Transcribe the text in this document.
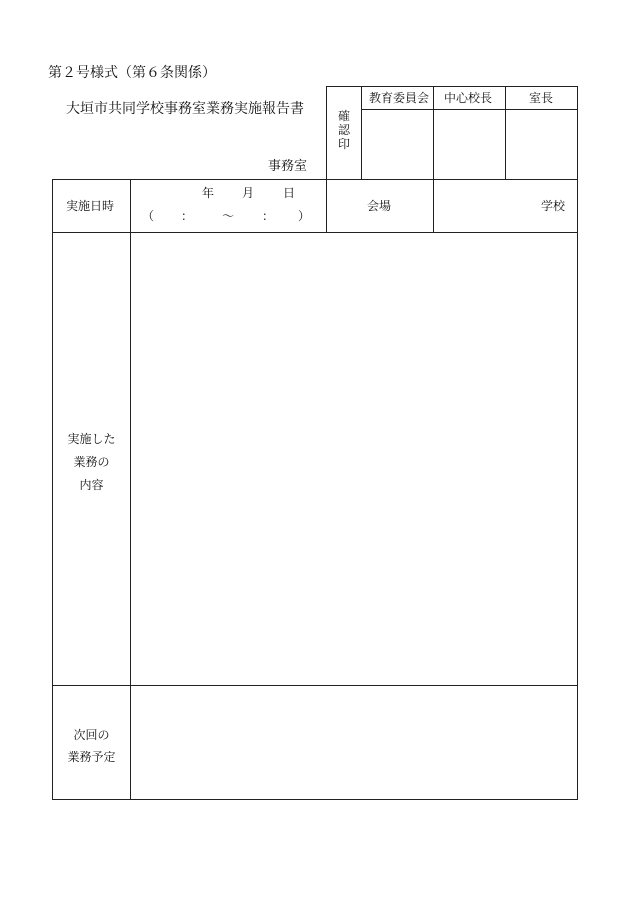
第２号様式（第６条関係）
大垣市共同学校事務室業務実施報告書
事務室
確
認
印
教育委員会 中心校長	室長
実施日時
年 月 日
（ ： ～ ： ）
会場	学校
実施した
業務の
内容
次回の
業務予定
